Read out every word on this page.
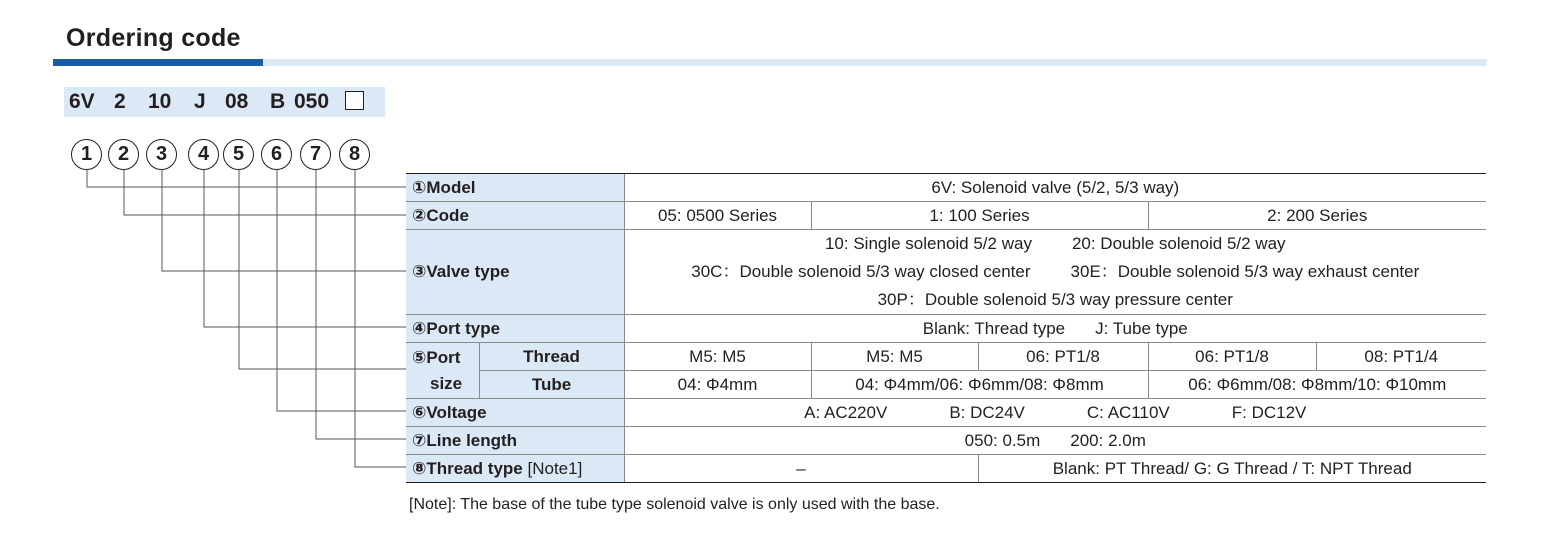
Ordering code
6V 2 10 J 08 B 050
1	2	3	4	5	6	7	8
①Model		6V: Solenoid valve (5/2, 5/3 way)				
②Code		05: 0500 Series	1: 100 Series		2: 200 Series	
③Valve type		10: Single solenoid 5/2 way 20: Double solenoid 5/2 way
30C：Double solenoid 5/3 way closed center 30E：Double solenoid 5/3 way exhaust center
30P：Double solenoid 5/3 way pressure center				

④Port type		Blank: Thread type J: Tube type				
⑤Port
size	Thread	M5: M5	M5: M5	06: PT1/8	06: PT1/8	08: PT1/4
	Tube	04: Φ4mm	04: Φ4mm/06: Φ6mm/08: Φ8mm		06: Φ6mm/08: Φ8mm/10: Φ10mm	
⑥Voltage		A: AC220V B: DC24V C: AC110V F: DC12V				
⑦Line length		050: 0.5m 200: 2.0m				
⑧Thread type [Note1]		–		Blank: PT Thread/ G: G Thread / T: NPT Thread		
[Note]: The base of the tube type solenoid valve is only used with the base.
